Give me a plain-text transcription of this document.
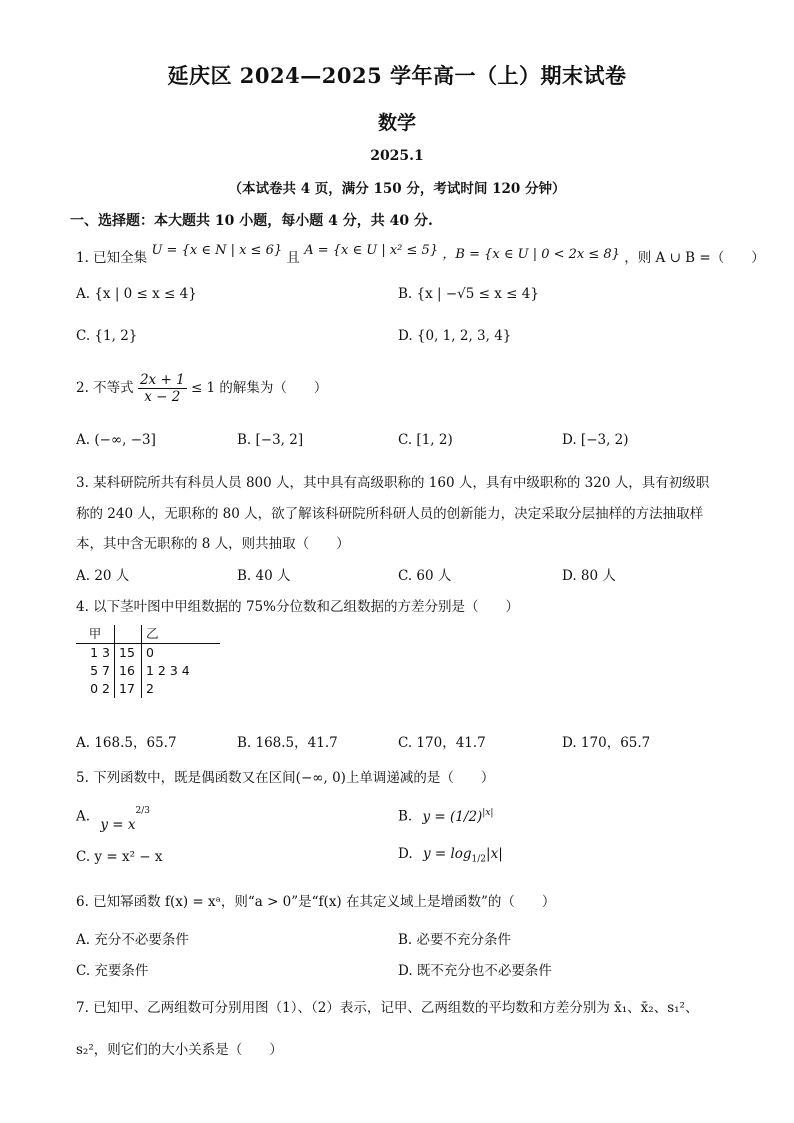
延庆区 2024—2025 学年高一（上）期末试卷
数学
2025.1
（本试卷共 4 页，满分 150 分，考试时间 120 分钟）
一、选择题：本大题共 10 小题，每小题 4 分，共 40 分.
1. 已知全集 U = {x ∈ N | x ≤ 6} 且 A = {x ∈ U | x² ≤ 5} ，B = {x ∈ U | 0 < 2x ≤ 8} ，则 A ∪ B =（　　）
A. {x | 0 ≤ x ≤ 4}	B. {x | −√5 ≤ x ≤ 4}
C. {1, 2}	D. {0, 1, 2, 3, 4}
2. 不等式 $\frac{2x + 1}{x - 2} \le 1$ 的解集为（　　）
A. (−∞, −3]	B. [−3, 2]	C. [1, 2)	D. [−3, 2)
3. 某科研院所共有科员人员 800 人，其中具有高级职称的 160 人，具有中级职称的 320 人，具有初级职
称的 240 人，无职称的 80 人，欲了解该科研院所科研人员的创新能力，决定采取分层抽样的方法抽取样
本，其中含无职称的 8 人，则共抽取（　　）
A. 20 人	B. 40 人	C. 60 人	D. 80 人
4. 以下茎叶图中甲组数据的 75%分位数和乙组数据的方差分别是（　　）
甲		乙
1 3	15	0
5 7	16	1 2 3 4
0 2	17	2
A. 168.5，65.7	B. 168.5，41.7	C. 170，41.7	D. 170，65.7
5. 下列函数中，既是偶函数又在区间(−∞, 0)上单调递减的是（　　）
A. $y = x^{2/3}$	B. $y = (1/2)^{|x|}$
C. y = x² − x	D. $y = \log_{1/2}|x|$
6. 已知幂函数 f(x) = xᵃ，则“a > 0”是“f(x) 在其定义域上是增函数”的（　　）
A. 充分不必要条件	B. 必要不充分条件
C. 充要条件	D. 既不充分也不必要条件
7. 已知甲、乙两组数可分别用图（1）、（2）表示，记甲、乙两组数的平均数和方差分别为 x̄₁、x̄₂、s₁²、
s₂²，则它们的大小关系是（　　）
